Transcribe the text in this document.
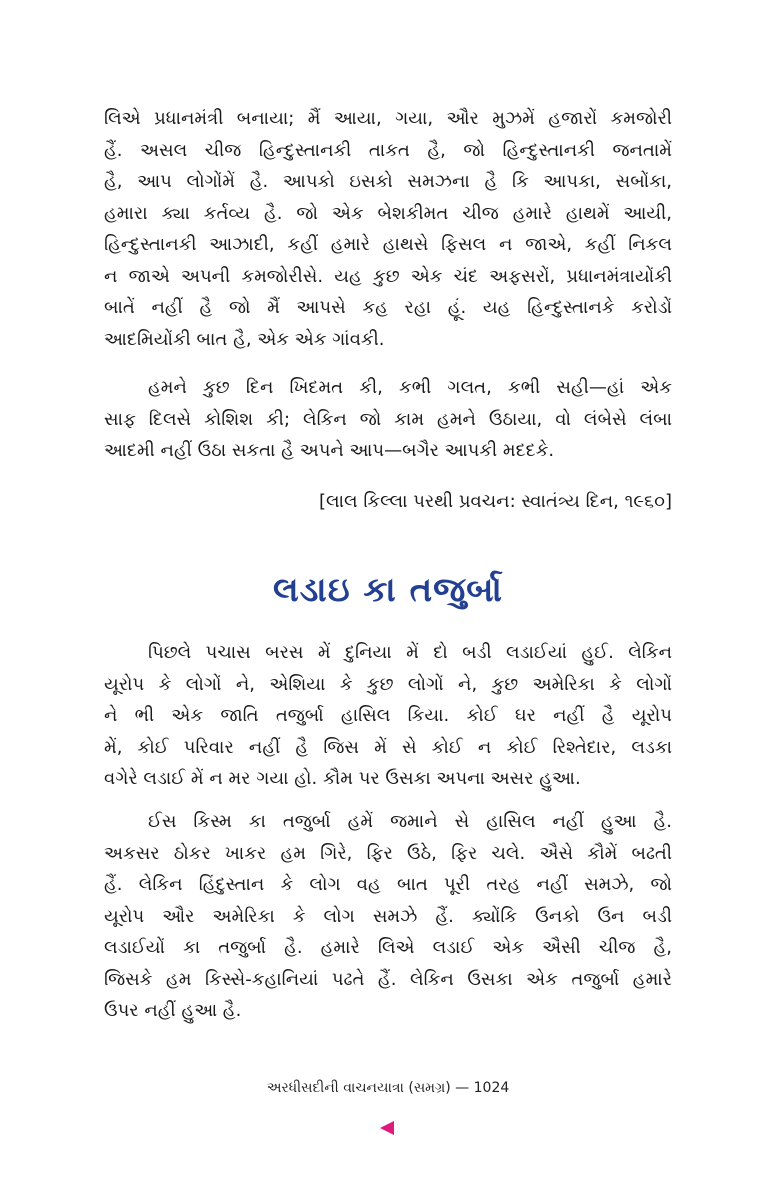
લિએ પ્રધાનમંત્રી બનાયા; મૈં આયા, ગયા, ઔર મુઝમેં હજારોં કમજોરી
હૈં. અસલ ચીજ હિન્દુસ્તાનકી તાકત હૈ, જો હિન્દુસ્તાનકી જનતામેં
હૈ, આપ લોગોંમેં હૈ. આપકો ઇસકો સમઝના હૈ કિ આપકા, સબોંકા,
હમારા ક્યા કર્તવ્ય હૈ. જો એક બેશકીમત ચીજ હમારે હાથમેં આયી,
હિન્દુસ્તાનકી આઝાદી, કહીં હમારે હાથસે ફિસલ ન જાએ, કહીં નિકલ
ન જાએ અપની કમજોરીસે. યહ કુછ એક ચંદ અફસરોં, પ્રધાનમંત્રાયોંકી
બાતેં નહીં હૈ જો મૈં આપસે કહ રહા હૂં. યહ હિન્દુસ્તાનકે કરોડોં
આદમિયોંકી બાત હૈ, એક એક ગાંવકી.
હમને કુછ દિન ખિદમત કી, કભી ગલત, કભી સહી—હાં એક
સાફ દિલસે કોશિશ કી; લેકિન જો કામ હમને ઉઠાયા, વો લંબેસે લંબા
આદમી નહીં ઉઠા સકતા હૈ અપને આપ—બગૈર આપકી મદદકે.
[લાલ કિલ્લા પરથી પ્રવચન: સ્વાતંત્ર્ય દિન, ૧૯૬૦]
લડાઇ કા તજુર્બા
પિછલે પચાસ બરસ મેં દુનિયા મેં દો બડી લડાઈયાં હુઈ. લેકિન
યૂરોપ કે લોગોં ને, એશિયા કે કુછ લોગોં ને, કુછ અમેરિકા કે લોગોં
ને ભી એક જાતિ તજુર્બા હાસિલ કિયા. કોઈ ઘર નહીં હૈ યૂરોપ
મેં, કોઈ પરિવાર નહીં હૈ જિસ મેં સે કોઈ ન કોઈ રિશ્તેદાર, લડકા
વગેરે લડાઈ મેં ન મર ગયા હો. કૌમ પર ઉસકા અપના અસર હુઆ.
ઈસ કિસ્મ કા તજુર્બા હમેં જમાને સે હાસિલ નહીં હુઆ હૈ.
અકસર ઠોકર ખાકર હમ ગિરે, ફિર ઉઠે, ફિર ચલે. ઐસે કૌમેં બઢતી
હૈં. લેકિન હિંદુસ્તાન કે લોગ વહ બાત પૂરી તરહ નહીં સમઝે, જો
યૂરોપ ઔર અમેરિકા કે લોગ સમઝે હૈં. ક્યોંકિ ઉનકો ઉન બડી
લડાઈયોં કા તજુર્બા હૈ. હમારે લિએ લડાઈ એક ઐસી ચીજ હૈ,
જિસકે હમ કિસ્સે-કહાનિયાં પઢતે હૈં. લેકિન ઉસકા એક તજુર્બા હમારે
ઉપર નહીં હુઆ હૈ.
અરધીસદીની વાચનયાત્રા (સમગ્ર) — 1024
